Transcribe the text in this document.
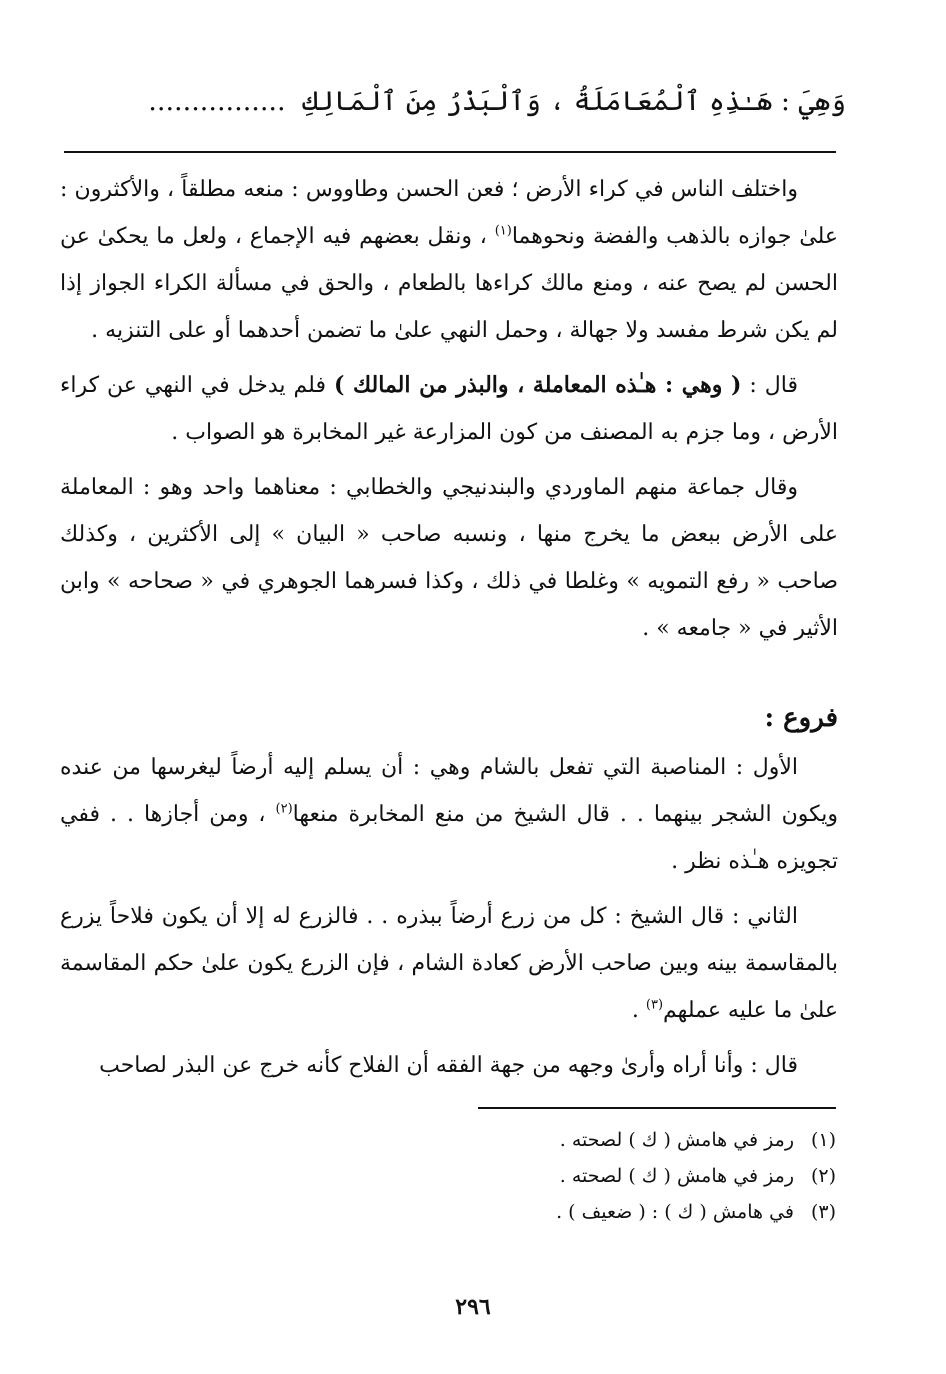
وَهِيَ : هَـٰذِهِ ٱلْمُعَامَلَةُ ، وَٱلْبَذْرُ مِنَ ٱلْمَالِكِ ................

واختلف الناس في كراء الأرض ؛ فعن الحسن وطاووس : منعه مطلقاً ، والأكثرون : علىٰ جوازه بالذهب والفضة ونحوهما$^{(١)}$ ، ونقل بعضهم فيه الإجماع ، ولعل ما يحكىٰ عن الحسن لم يصح عنه ، ومنع مالك كراءها بالطعام ، والحق في مسألة الكراء الجواز إذا لم يكن شرط مفسد ولا جهالة ، وحمل النهي علىٰ ما تضمن أحدهما أو على التنزيه .

قال : ( وهي : هـٰذه المعاملة ، والبذر من المالك ) فلم يدخل في النهي عن كراء الأرض ، وما جزم به المصنف من كون المزارعة غير المخابرة هو الصواب .

وقال جماعة منهم الماوردي والبندنيجي والخطابي : معناهما واحد وهو : المعاملة على الأرض ببعض ما يخرج منها ، ونسبه صاحب « البيان » إلى الأكثرين ، وكذلك صاحب « رفع التمويه » وغلطا في ذلك ، وكذا فسرهما الجوهري في « صحاحه » وابن الأثير في « جامعه » .

فروع :

الأول : المناصبة التي تفعل بالشام وهي : أن يسلم إليه أرضاً ليغرسها من عنده ويكون الشجر بينهما . . قال الشيخ من منع المخابرة منعها$^{(٢)}$ ، ومن أجازها . . ففي تجويزه هـٰذه نظر .

الثاني : قال الشيخ : كل من زرع أرضاً ببذره . . فالزرع له إلا أن يكون فلاحاً يزرع بالمقاسمة بينه وبين صاحب الأرض كعادة الشام ، فإن الزرع يكون علىٰ حكم المقاسمة علىٰ ما عليه عملهم$^{(٣)}$ .

قال : وأنا أراه وأرىٰ وجهه من جهة الفقه أن الفلاح كأنه خرج عن البذر لصاحب

(١)رمز في هامش ( ك ) لصحته .
(٢)رمز في هامش ( ك ) لصحته .
(٣)في هامش ( ك ) : ( ضعيف ) .
٢٩٦
